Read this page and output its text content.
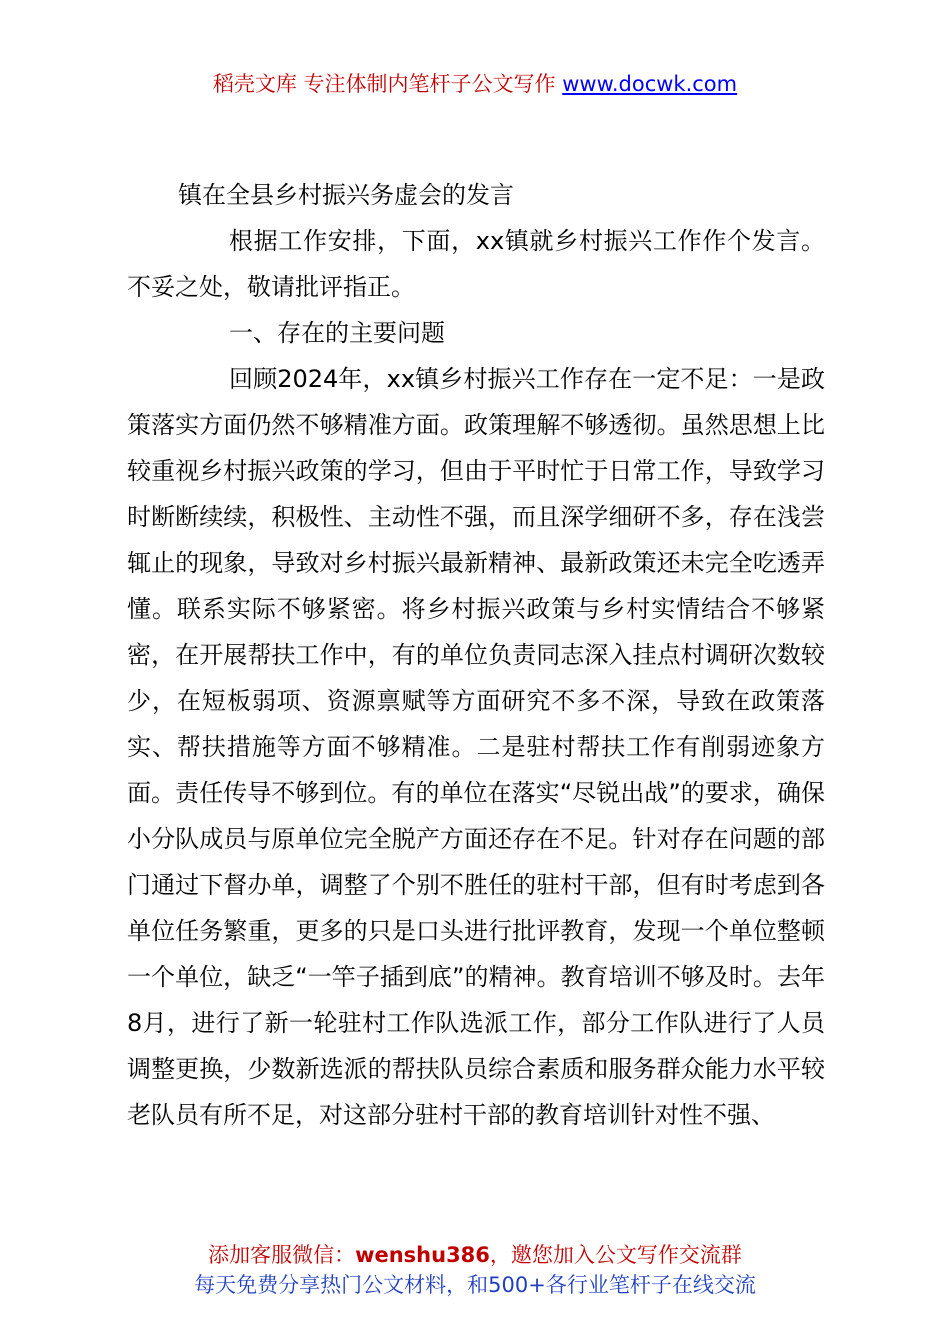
稻壳文库 专注体制内笔杆子公文写作 www.docwk.com

镇在全县乡村振兴务虚会的发言

根据工作安排，下面，xx镇就乡村振兴工作作个发言。不妥之处，敬请批评指正。

一、存在的主要问题

回顾2024年，xx镇乡村振兴工作存在一定不足：一是政策落实方面仍然不够精准方面。政策理解不够透彻。虽然思想上比较重视乡村振兴政策的学习，但由于平时忙于日常工作，导致学习时断断续续，积极性、主动性不强，而且深学细研不多，存在浅尝辄止的现象，导致对乡村振兴最新精神、最新政策还未完全吃透弄懂。联系实际不够紧密。将乡村振兴政策与乡村实情结合不够紧密，在开展帮扶工作中，有的单位负责同志深入挂点村调研次数较少，在短板弱项、资源禀赋等方面研究不多不深，导致在政策落实、帮扶措施等方面不够精准。二是驻村帮扶工作有削弱迹象方面。责任传导不够到位。有的单位在落实“尽锐出战”的要求，确保小分队成员与原单位完全脱产方面还存在不足。针对存在问题的部门通过下督办单，调整了个别不胜任的驻村干部，但有时考虑到各单位任务繁重，更多的只是口头进行批评教育，发现一个单位整顿一个单位，缺乏“一竿子插到底”的精神。教育培训不够及时。去年8月，进行了新一轮驻村工作队选派工作，部分工作队进行了人员调整更换，少数新选派的帮扶队员综合素质和服务群众能力水平较老队员有所不足，对这部分驻村干部的教育培训针对性不强、

添加客服微信：wenshu386，邀您加入公文写作交流群
每天免费分享热门公文材料，和500+各行业笔杆子在线交流
